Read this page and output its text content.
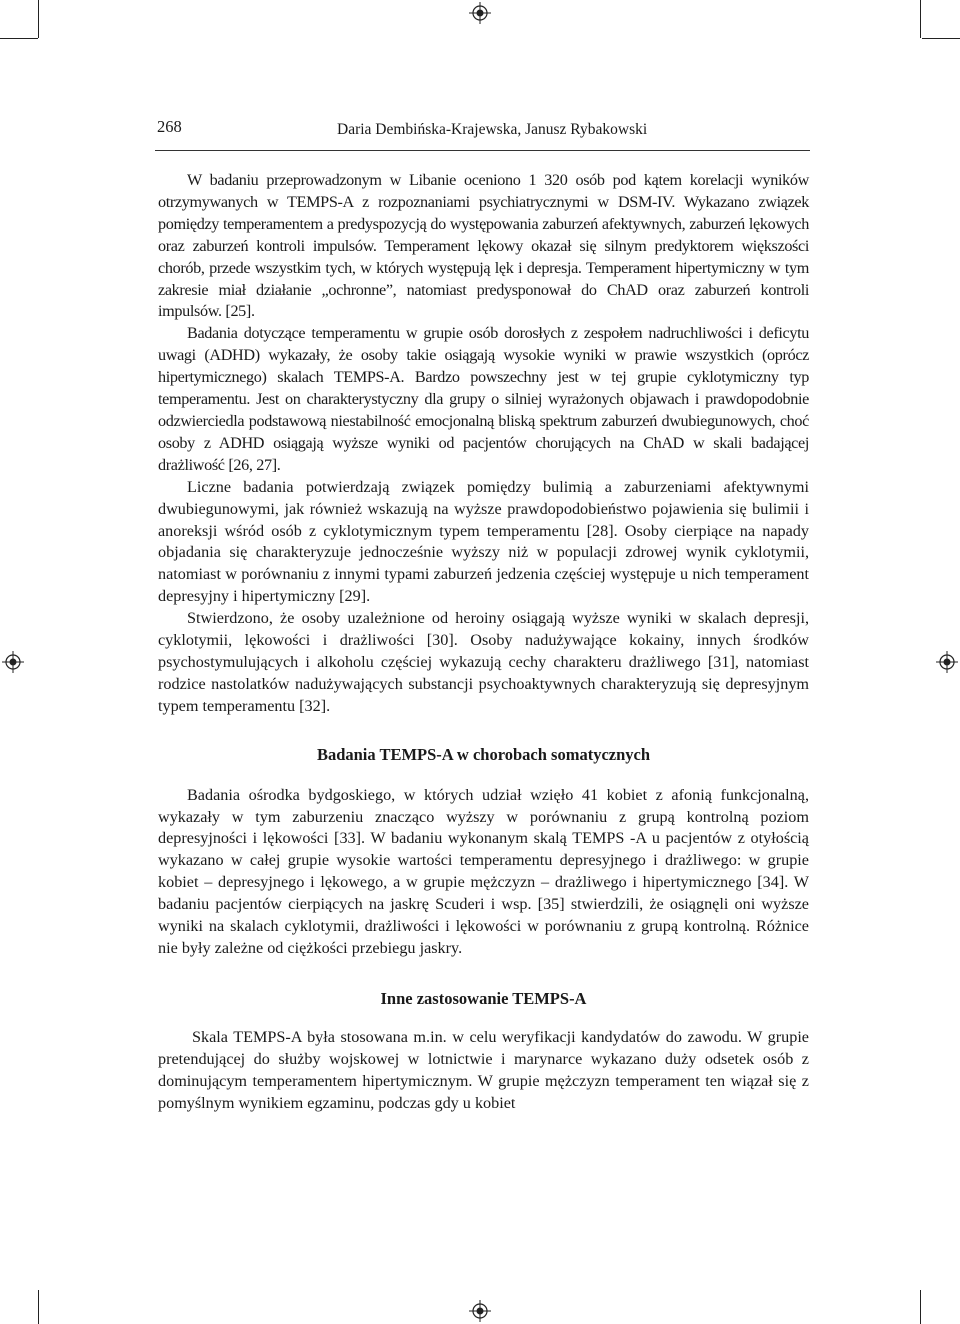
268	Daria Dembińska-Krajewska, Janusz Rybakowski

W badaniu przeprowadzonym w Libanie oceniono 1 320 osób pod kątem korelacji wyników otrzymywanych w TEMPS-A z rozpoznaniami psychiatrycznymi w DSM-IV. Wykazano związek pomiędzy temperamentem a predyspozycją do występowania zaburzeń afektywnych, zaburzeń lękowych oraz zaburzeń kontroli impulsów. Temperament lękowy okazał się silnym predyktorem większości chorób, przede wszystkim tych, w których występują lęk i depresja. Temperament hipertymiczny w tym zakresie miał działanie „ochronne”, natomiast predysponował do ChAD oraz zaburzeń kontroli impulsów. [25].

Badania dotyczące temperamentu w grupie osób dorosłych z zespołem nadruchliwości i deficytu uwagi (ADHD) wykazały, że osoby takie osiągają wysokie wyniki w prawie wszystkich (oprócz hipertymicznego) skalach TEMPS-A. Bardzo powszechny jest w tej grupie cyklotymiczny typ temperamentu. Jest on charakterystyczny dla grupy o silniej wyrażonych objawach i prawdopodobnie odzwierciedla podstawową niestabilność emocjonalną bliską spektrum zaburzeń dwubiegunowych, choć osoby z ADHD osiągają wyższe wyniki od pacjentów chorujących na ChAD w skali badającej drażliwość [26, 27].

Liczne badania potwierdzają związek pomiędzy bulimią a zaburzeniami afektywnymi dwubiegunowymi, jak również wskazują na wyższe prawdopodobieństwo pojawienia się bulimii i anoreksji wśród osób z cyklotymicznym typem temperamentu [28]. Osoby cierpiące na napady objadania się charakteryzuje jednocześnie wyższy niż w populacji zdrowej wynik cyklotymii, natomiast w porównaniu z innymi typami zaburzeń jedzenia częściej występuje u nich temperament depresyjny i hipertymiczny [29].

Stwierdzono, że osoby uzależnione od heroiny osiągają wyższe wyniki w skalach depresji, cyklotymii, lękowości i drażliwości [30]. Osoby nadużywające kokainy, innych środków psychostymulujących i alkoholu częściej wykazują cechy charakteru drażliwego [31], natomiast rodzice nastolatków nadużywających substancji psychoaktywnych charakteryzują się depresyjnym typem temperamentu [32].

Badania TEMPS-A w chorobach somatycznych

Badania ośrodka bydgoskiego, w których udział wzięło 41 kobiet z afonią funkcjonalną, wykazały w tym zaburzeniu znacząco wyższy w porównaniu z grupą kontrolną poziom depresyjności i lękowości [33]. W badaniu wykonanym skalą TEMPS -A u pacjentów z otyłością wykazano w całej grupie wysokie wartości temperamentu depresyjnego i drażliwego: w grupie kobiet – depresyjnego i lękowego, a w grupie mężczyzn – drażliwego i hipertymicznego [34]. W badaniu pacjentów cierpiących na jaskrę Scuderi i wsp. [35] stwierdzili, że osiągnęli oni wyższe wyniki na skalach cyklotymii, drażliwości i lękowości w porównaniu z grupą kontrolną. Różnice nie były zależne od ciężkości przebiegu jaskry.

Inne zastosowanie TEMPS-A

Skala TEMPS-A była stosowana m.in. w celu weryfikacji kandydatów do zawodu. W grupie pretendującej do służby wojskowej w lotnictwie i marynarce wykazano duży odsetek osób z dominującym temperamentem hipertymicznym. W grupie mężczyzn temperament ten wiązał się z pomyślnym wynikiem egzaminu, podczas gdy u kobiet
